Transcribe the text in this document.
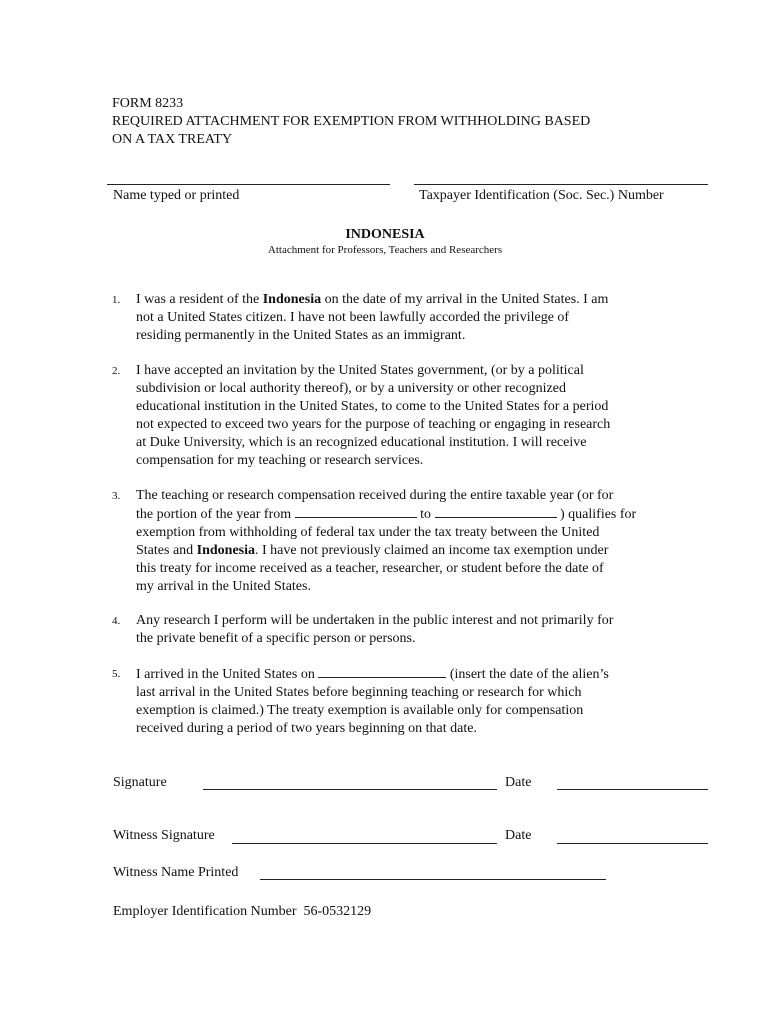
FORM 8233
REQUIRED ATTACHMENT FOR EXEMPTION FROM WITHHOLDING BASED
ON A TAX TREATY
Name typed or printed	Taxpayer Identification (Soc. Sec.) Number
INDONESIA
Attachment for Professors, Teachers and Researchers
1. I was a resident of the Indonesia on the date of my arrival in the United States. I am
not a United States citizen. I have not been lawfully accorded the privilege of
residing permanently in the United States as an immigrant.
2. I have accepted an invitation by the United States government, (or by a political
subdivision or local authority thereof), or by a university or other recognized
educational institution in the United States, to come to the United States for a period
not expected to exceed two years for the purpose of teaching or engaging in research
at Duke University, which is an recognized educational institution. I will receive
compensation for my teaching or research services.
3. The teaching or research compensation received during the entire taxable year (or for
the portion of the year from	to	) qualifies for
exemption from withholding of federal tax under the tax treaty between the United
States and Indonesia. I have not previously claimed an income tax exemption under
this treaty for income received as a teacher, researcher, or student before the date of
my arrival in the United States.
4. Any research I perform will be undertaken in the public interest and not primarily for
the private benefit of a specific person or persons.
5. I arrived in the United States on	(insert the date of the alien’s
last arrival in the United States before beginning teaching or research for which
exemption is claimed.) The treaty exemption is available only for compensation
received during a period of two years beginning on that date.
Signature	Date
Witness Signature	Date
Witness Name Printed
Employer Identification Number 56-0532129
